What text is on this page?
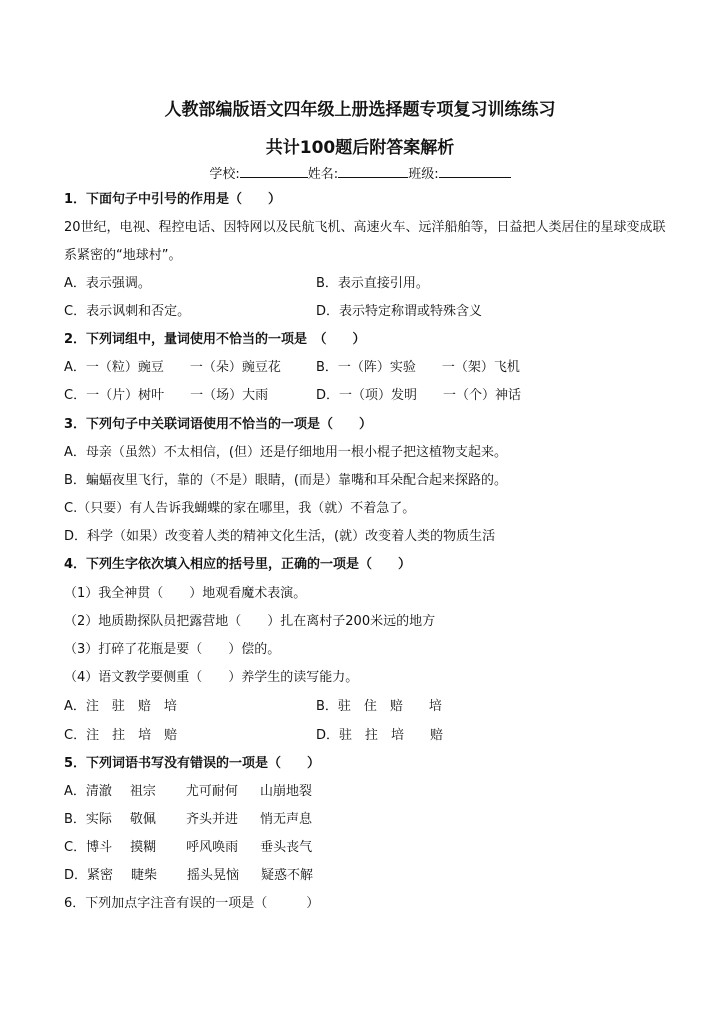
人教部编版语文四年级上册选择题专项复习训练练习
共计100题后附答案解析
学校:	姓名:	班级:
1．下面句子中引号的作用是（　　）
20世纪，电视、程控电话、因特网以及民航飞机、高速火车、远洋船舶等，日益把人类居住的星球变成联
系紧密的“地球村”。
A．表示强调。	B．表示直接引用。
C．表示讽刺和否定。	D．表示特定称谓或特殊含义
2．下列词组中，量词使用不恰当的一项是　（　　）
A．一（粒）豌豆　　一（朵）豌豆花	B．一（阵）实验　　一（架）飞机
C．一（片）树叶　　一（场）大雨	D．一（项）发明　　一（个）神话
3．下列句子中关联词语使用不恰当的一项是（　　）
A．母亲（虽然）不太相信，(但）还是仔细地用一根小棍子把这植物支起来。
B．蝙蝠夜里飞行，靠的（不是）眼睛，(而是）靠嘴和耳朵配合起来探路的。
C.（只要）有人告诉我蝴蝶的家在哪里，我（就）不着急了。
D．科学（如果）改变着人类的精神文化生活，(就）改变着人类的物质生活
4．下列生字依次填入相应的括号里，正确的一项是（　　）
（1）我全神贯（　　）地观看魔术表演。
（2）地质勘探队员把露营地（　　）扎在离村子200米远的地方
（3）打碎了花瓶是要（　　）偿的。
（4）语文教学要侧重（　　）养学生的读写能力。
A．注　驻　赔　培	B．驻　住　赔　　培
C．注　拄　培　赔	D．驻　拄　培　　赔
5．下列词语书写没有错误的一项是（　　）
A．清澈 祖宗 尤可耐何 山崩地裂
B．实际 敬佩 齐头并进 悄无声息
C．博斗 摸糊 呼风唤雨 垂头丧气
D．紧密 睫柴 摇头晃恼 疑惑不解
6．下列加点字注音有误的一项是（　　　）
